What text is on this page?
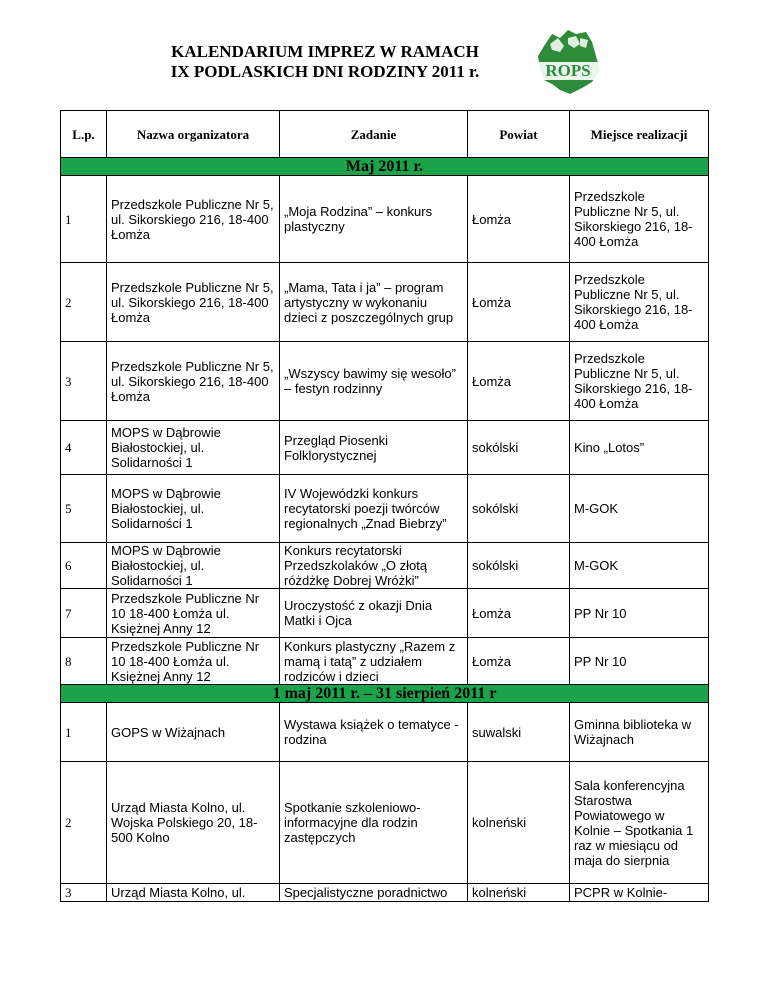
KALENDARIUM IMPREZ W RAMACH
IX PODLASKICH DNI RODZINY 2011 r.	ROPS
W BIAŁYMSTOKU
L.p.	Nazwa organizatora	Zadanie	Powiat	Miejsce realizacji
Maj 2011 r.				
1	Przedszkole Publiczne Nr 5, ul. Sikorskiego 216, 18-400 Łomża	„Moja Rodzina” – konkurs plastyczny	Łomża	Przedszkole Publiczne Nr 5, ul. Sikorskiego 216, 18-400 Łomża
2	Przedszkole Publiczne Nr 5, ul. Sikorskiego 216, 18-400 Łomża	„Mama, Tata i ja” – program artystyczny w wykonaniu dzieci z poszczególnych grup	Łomża	Przedszkole Publiczne Nr 5, ul. Sikorskiego 216, 18-400 Łomża
3	Przedszkole Publiczne Nr 5, ul. Sikorskiego 216, 18-400 Łomża	„Wszyscy bawimy się wesoło” – festyn rodzinny	Łomża	Przedszkole Publiczne Nr 5, ul. Sikorskiego 216, 18-400 Łomża
4	MOPS w Dąbrowie Białostockiej, ul. Solidarności 1	Przegląd Piosenki Folklorystycznej	sokólski	Kino „Lotos”
5	MOPS w Dąbrowie Białostockiej, ul. Solidarności 1	IV Wojewódzki konkurs recytatorski poezji twórców regionalnych „Znad Biebrzy”	sokólski	M-GOK
6	MOPS w Dąbrowie Białostockiej, ul. Solidarności 1	Konkurs recytatorski Przedszkolaków „O złotą różdżkę Dobrej Wróżki”	sokólski	M-GOK
7	Przedszkole Publiczne Nr 10 18-400 Łomża ul. Księżnej Anny 12	Uroczystość z okazji Dnia Matki i Ojca	Łomża	PP Nr 10
8	Przedszkole Publiczne Nr 10 18-400 Łomża ul. Księżnej Anny 12	Konkurs plastyczny „Razem z mamą i tatą” z udziałem rodziców i dzieci	Łomża	PP Nr 10
1 maj 2011 r. – 31 sierpień 2011 r				
1	GOPS w Wiżajnach	Wystawa książek o tematyce - rodzina	suwalski	Gminna biblioteka w Wiżajnach
2	Urząd Miasta Kolno, ul. Wojska Polskiego 20, 18-500 Kolno	Spotkanie szkoleniowo-informacyjne dla rodzin zastępczych	kolneński	Sala konferencyjna Starostwa Powiatowego w Kolnie – Spotkania 1 raz w miesiącu od maja do sierpnia
3	Urząd Miasta Kolno, ul.	Specjalistyczne poradnictwo	kolneński	PCPR w Kolnie-
